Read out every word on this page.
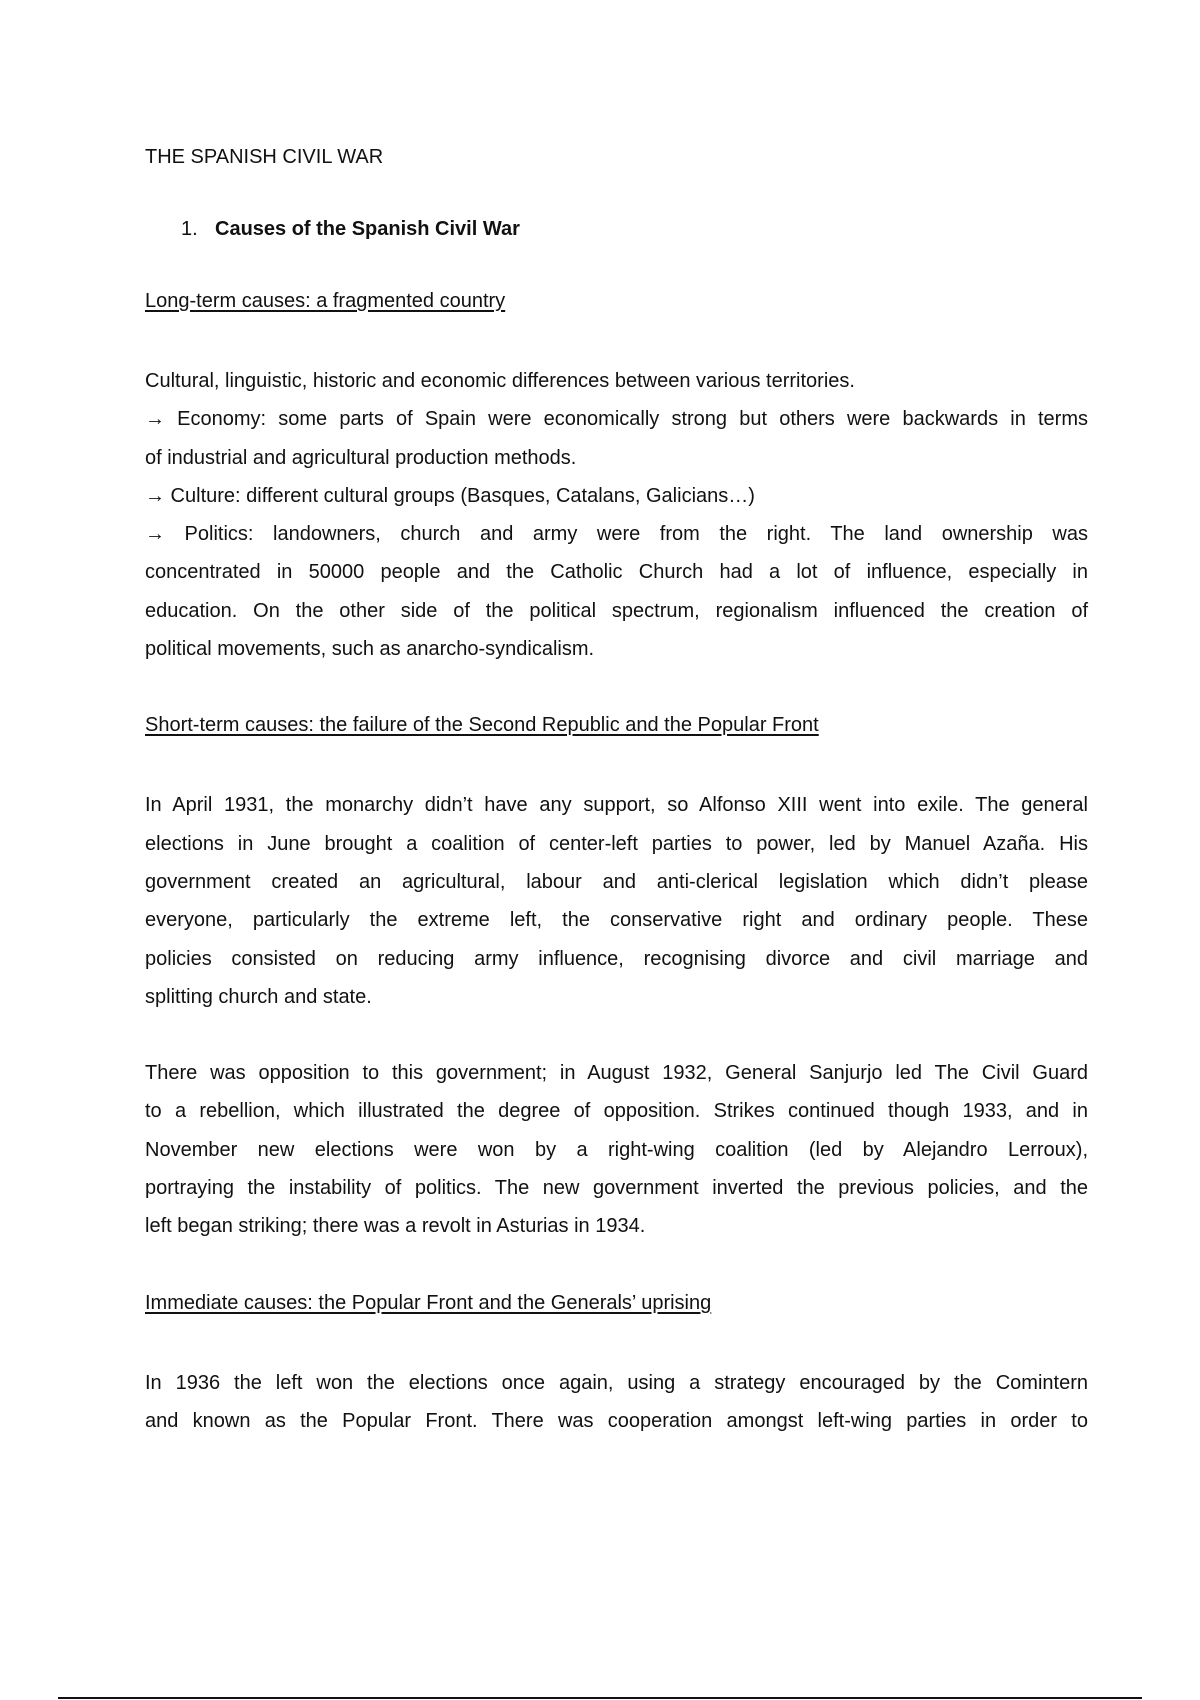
THE SPANISH CIVIL WAR
1. Causes of the Spanish Civil War
Long-term causes: a fragmented country
Cultural, linguistic, historic and economic differences between various territories.
→ Economy: some parts of Spain were economically strong but others were backwards in terms
of industrial and agricultural production methods.
→ Culture: different cultural groups (Basques, Catalans, Galicians…)
→ Politics: landowners, church and army were from the right. The land ownership was
concentrated in 50000 people and the Catholic Church had a lot of influence, especially in
education. On the other side of the political spectrum, regionalism influenced the creation of
political movements, such as anarcho-syndicalism.
Short-term causes: the failure of the Second Republic and the Popular Front
In April 1931, the monarchy didn’t have any support, so Alfonso XIII went into exile. The general
elections in June brought a coalition of center-left parties to power, led by Manuel Azaña. His
government created an agricultural, labour and anti-clerical legislation which didn’t please
everyone, particularly the extreme left, the conservative right and ordinary people. These
policies consisted on reducing army influence, recognising divorce and civil marriage and
splitting church and state.
There was opposition to this government; in August 1932, General Sanjurjo led The Civil Guard
to a rebellion, which illustrated the degree of opposition. Strikes continued though 1933, and in
November new elections were won by a right-wing coalition (led by Alejandro Lerroux),
portraying the instability of politics. The new government inverted the previous policies, and the
left began striking; there was a revolt in Asturias in 1934.
Immediate causes: the Popular Front and the Generals’ uprising
In 1936 the left won the elections once again, using a strategy encouraged by the Comintern
and known as the Popular Front. There was cooperation amongst left-wing parties in order to
